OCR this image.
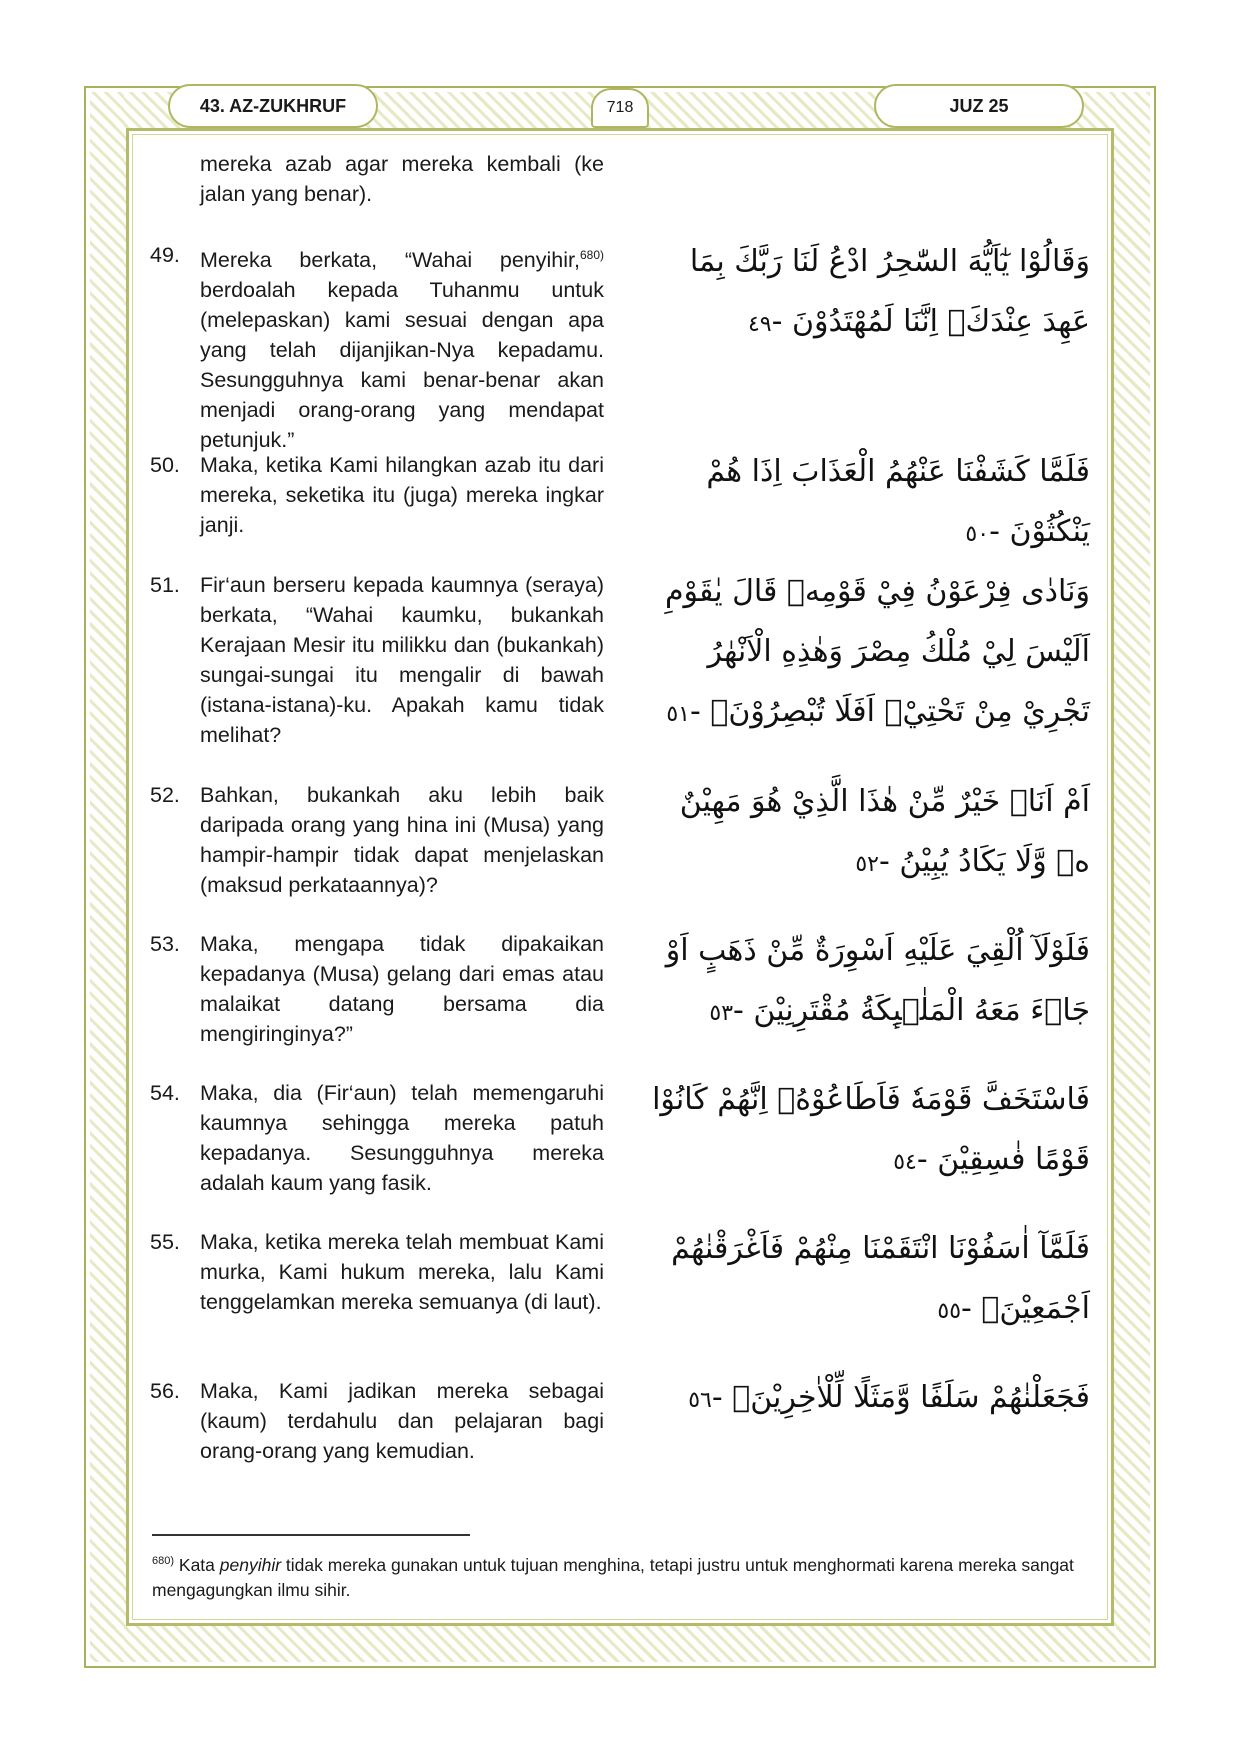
43. AZ-ZUKHRUF	718	JUZ 25
mereka azab agar mereka kembali (ke jalan yang benar).
49. Mereka berkata, “Wahai penyihir,$^{680)}$ berdoalah kepada Tuhanmu untuk (melepaskan) kami sesuai dengan apa yang telah dijanjikan-Nya kepadamu. Sesungguhnya kami benar-benar akan menjadi orang-orang yang mendapat petunjuk.”
وَقَالُوْا يٰٓاَيُّهَ السّٰحِرُ ادْعُ لَنَا رَبَّكَ بِمَا عَهِدَ عِنْدَكَۚ اِنَّنَا لَمُهْتَدُوْنَ -٤٩
50. Maka, ketika Kami hilangkan azab itu dari mereka, seketika itu (juga) mereka ingkar janji.
فَلَمَّا كَشَفْنَا عَنْهُمُ الْعَذَابَ اِذَا هُمْ يَنْكُثُوْنَ -٥٠
51. Fir‘aun berseru kepada kaumnya (seraya) berkata, “Wahai kaumku, bukankah Kerajaan Mesir itu milikku dan (bukankah) sungai-sungai itu mengalir di bawah (istana-istana)-ku. Apakah kamu tidak melihat?
وَنَادٰى فِرْعَوْنُ فِيْ قَوْمِهٖ قَالَ يٰقَوْمِ اَلَيْسَ لِيْ مُلْكُ مِصْرَ وَهٰذِهِ الْاَنْهٰرُ تَجْرِيْ مِنْ تَحْتِيْۚ اَفَلَا تُبْصِرُوْنَۗ -٥١
52. Bahkan, bukankah aku lebih baik daripada orang yang hina ini (Musa) yang hampir-hampir tidak dapat menjelaskan (maksud perkataannya)?
اَمْ اَنَا۠ خَيْرٌ مِّنْ هٰذَا الَّذِيْ هُوَ مَهِيْنٌ ەۙ وَّلَا يَكَادُ يُبِيْنُ -٥٢
53. Maka, mengapa tidak dipakaikan kepadanya (Musa) gelang dari emas atau malaikat datang bersama dia mengiringinya?”
فَلَوْلَآ اُلْقِيَ عَلَيْهِ اَسْوِرَةٌ مِّنْ ذَهَبٍ اَوْ جَاۤءَ مَعَهُ الْمَلٰۤىِٕكَةُ مُقْتَرِنِيْنَ -٥٣
54. Maka, dia (Fir‘aun) telah memengaruhi kaumnya sehingga mereka patuh kepadanya. Sesungguhnya mereka adalah kaum yang fasik.
فَاسْتَخَفَّ قَوْمَهٗ فَاَطَاعُوْهُۗ اِنَّهُمْ كَانُوْا قَوْمًا فٰسِقِيْنَ -٥٤
55. Maka, ketika mereka telah membuat Kami murka, Kami hukum mereka, lalu Kami tenggelamkan mereka semuanya (di laut).
فَلَمَّآ اٰسَفُوْنَا انْتَقَمْنَا مِنْهُمْ فَاَغْرَقْنٰهُمْ اَجْمَعِيْنَۙ -٥٥
56. Maka, Kami jadikan mereka sebagai (kaum) terdahulu dan pelajaran bagi orang-orang yang kemudian.
فَجَعَلْنٰهُمْ سَلَفًا وَّمَثَلًا لِّلْاٰخِرِيْنَࣖ -٥٦
$^{680)}$ Kata penyihir tidak mereka gunakan untuk tujuan menghina, tetapi justru untuk menghormati karena mereka sangat mengagungkan ilmu sihir.
